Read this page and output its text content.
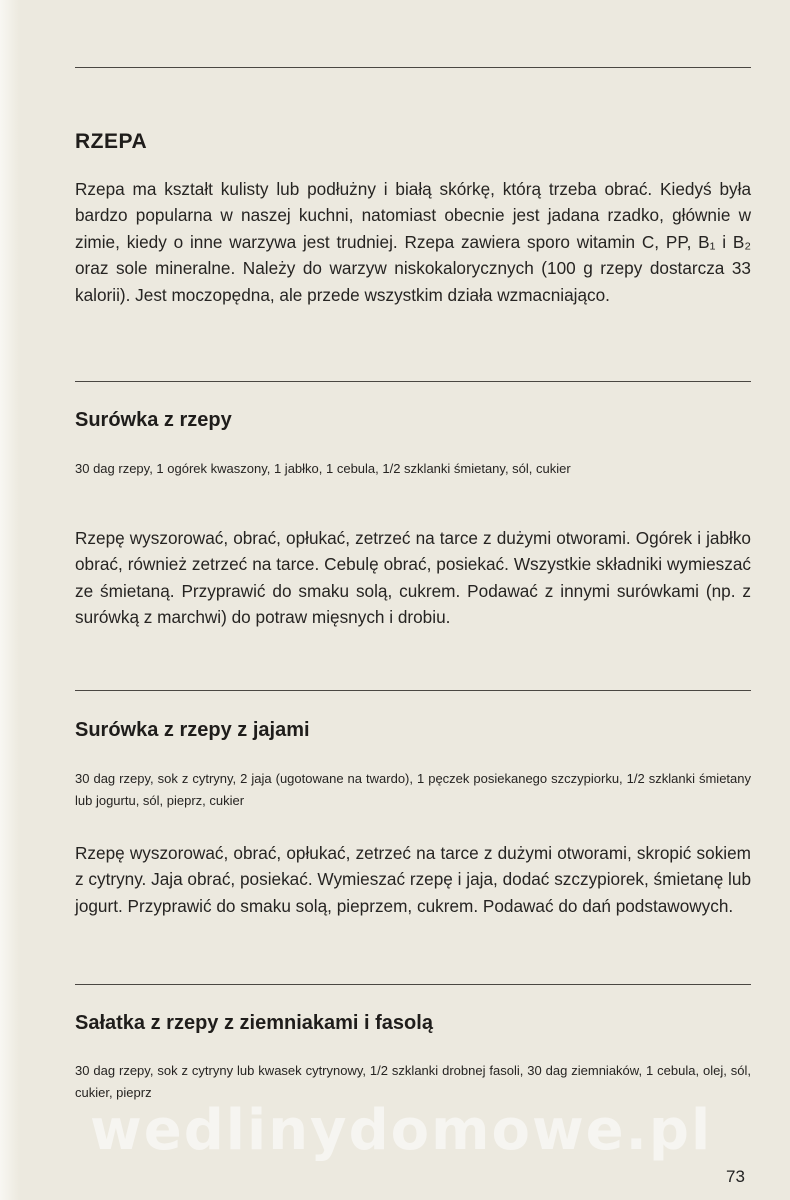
RZEPA

Rzepa ma kształt kulisty lub podłużny i białą skórkę, którą trzeba obrać. Kiedyś była bardzo popularna w naszej kuchni, natomiast obecnie jest jadana rzadko, głównie w zimie, kiedy o inne warzywa jest trudniej. Rzepa zawiera sporo witamin C, PP, B₁ i B₂ oraz sole mineralne. Należy do warzyw niskokalorycznych (100 g rzepy dostarcza 33 kalorii). Jest moczopędna, ale przede wszystkim działa wzmacniająco.

Surówka z rzepy

30 dag rzepy, 1 ogórek kwaszony, 1 jabłko, 1 cebula, 1/2 szklanki śmietany, sól, cukier

Rzepę wyszorować, obrać, opłukać, zetrzeć na tarce z dużymi otworami. Ogórek i jabłko obrać, również zetrzeć na tarce. Cebulę obrać, posiekać. Wszystkie składniki wymieszać ze śmietaną. Przyprawić do smaku solą, cukrem. Podawać z innymi surówkami (np. z surówką z marchwi) do potraw mięsnych i drobiu.

Surówka z rzepy z jajami

30 dag rzepy, sok z cytryny, 2 jaja (ugotowane na twardo), 1 pęczek posiekanego szczypiorku, 1/2 szklanki śmietany lub jogurtu, sól, pieprz, cukier

Rzepę wyszorować, obrać, opłukać, zetrzeć na tarce z dużymi otworami, skropić sokiem z cytryny. Jaja obrać, posiekać. Wymieszać rzepę i jaja, dodać szczypiorek, śmietanę lub jogurt. Przyprawić do smaku solą, pieprzem, cukrem. Podawać do dań podstawowych.

Sałatka z rzepy z ziemniakami i fasolą

30 dag rzepy, sok z cytryny lub kwasek cytrynowy, 1/2 szklanki drobnej fasoli, 30 dag ziemniaków, 1 cebula, olej, sól, cukier, pieprz

wedlinydomowe.pl
73
